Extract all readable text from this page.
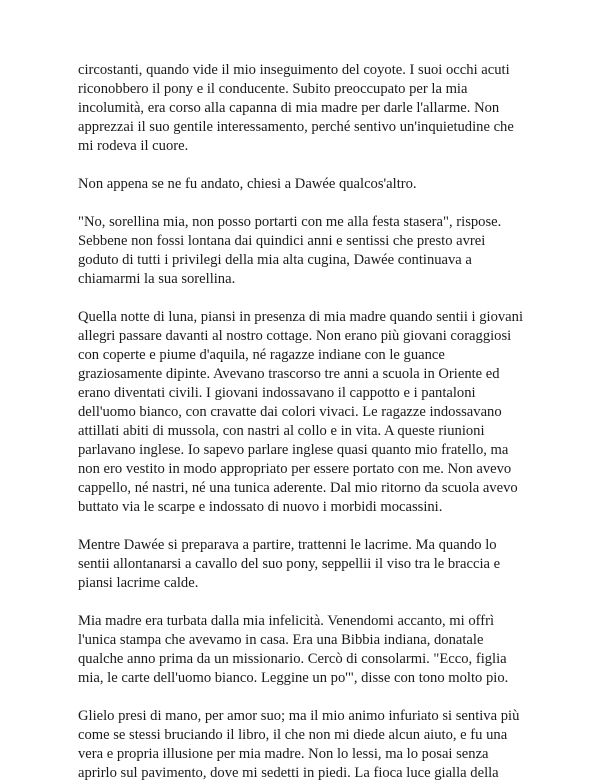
circostanti, quando vide il mio inseguimento del coyote. I suoi occhi acuti
riconobbero il pony e il conducente. Subito preoccupato per la mia
incolumità, era corso alla capanna di mia madre per darle l'allarme. Non
apprezzai il suo gentile interessamento, perché sentivo un'inquietudine che
mi rodeva il cuore.
Non appena se ne fu andato, chiesi a Dawée qualcos'altro.
"No, sorellina mia, non posso portarti con me alla festa stasera", rispose.
Sebbene non fossi lontana dai quindici anni e sentissi che presto avrei
goduto di tutti i privilegi della mia alta cugina, Dawée continuava a
chiamarmi la sua sorellina.
Quella notte di luna, piansi in presenza di mia madre quando sentii i giovani
allegri passare davanti al nostro cottage. Non erano più giovani coraggiosi
con coperte e piume d'aquila, né ragazze indiane con le guance
graziosamente dipinte. Avevano trascorso tre anni a scuola in Oriente ed
erano diventati civili. I giovani indossavano il cappotto e i pantaloni
dell'uomo bianco, con cravatte dai colori vivaci. Le ragazze indossavano
attillati abiti di mussola, con nastri al collo e in vita. A queste riunioni
parlavano inglese. Io sapevo parlare inglese quasi quanto mio fratello, ma
non ero vestito in modo appropriato per essere portato con me. Non avevo
cappello, né nastri, né una tunica aderente. Dal mio ritorno da scuola avevo
buttato via le scarpe e indossato di nuovo i morbidi mocassini.
Mentre Dawée si preparava a partire, trattenni le lacrime. Ma quando lo
sentii allontanarsi a cavallo del suo pony, seppellii il viso tra le braccia e
piansi lacrime calde.
Mia madre era turbata dalla mia infelicità. Venendomi accanto, mi offrì
l'unica stampa che avevamo in casa. Era una Bibbia indiana, donatale
qualche anno prima da un missionario. Cercò di consolarmi. "Ecco, figlia
mia, le carte dell'uomo bianco. Leggine un po'", disse con tono molto pio.
Glielo presi di mano, per amor suo; ma il mio animo infuriato si sentiva più
come se stessi bruciando il libro, il che non mi diede alcun aiuto, e fu una
vera e propria illusione per mia madre. Non lo lessi, ma lo posai senza
aprirlo sul pavimento, dove mi sedetti in piedi. La fioca luce gialla della
